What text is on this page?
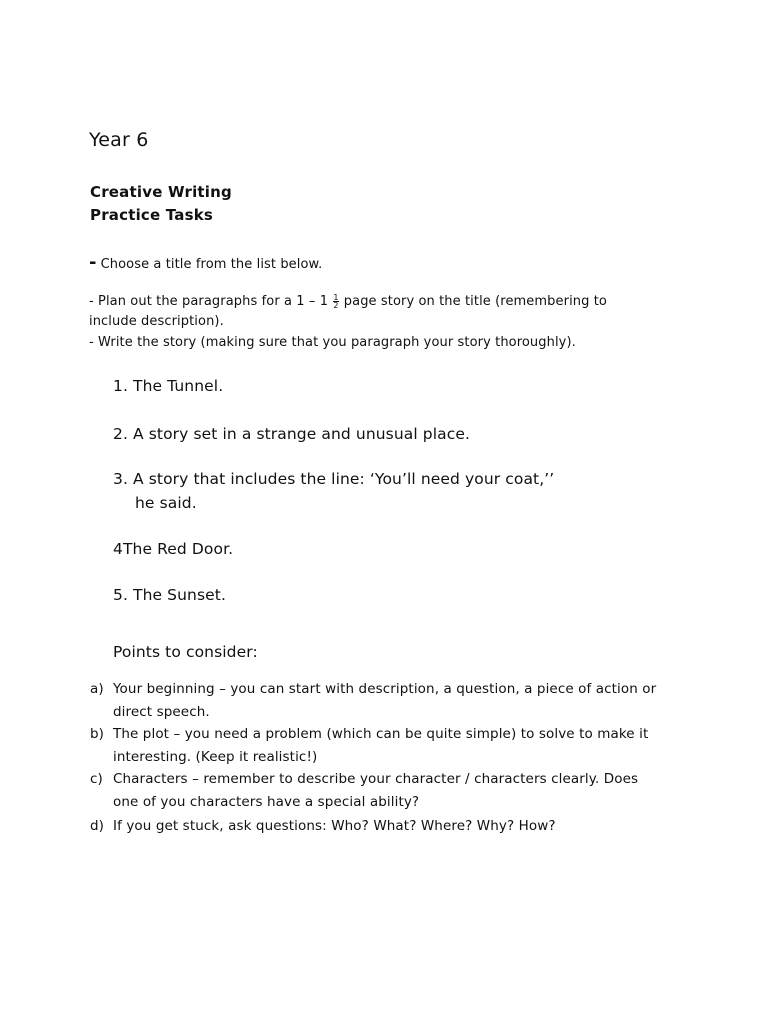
Year 6
Creative Writing
Practice Tasks
- Choose a title from the list below.
- Plan out the paragraphs for a $1 - 1 \frac{1}{2}$ page story on the title (remembering to
include description).
- Write the story (making sure that you paragraph your story thoroughly).
1. The Tunnel.
2. A story set in a strange and unusual place.
3. A story that includes the line: ‘You’ll need your coat,’’
he said.
4The Red Door.
5. The Sunset.
Points to consider:
a) Your beginning – you can start with description, a question, a piece of action or
direct speech.
b) The plot – you need a problem (which can be quite simple) to solve to make it
interesting. (Keep it realistic!)
c) Characters – remember to describe your character / characters clearly. Does
one of you characters have a special ability?
d) If you get stuck, ask questions: Who? What? Where? Why? How?
